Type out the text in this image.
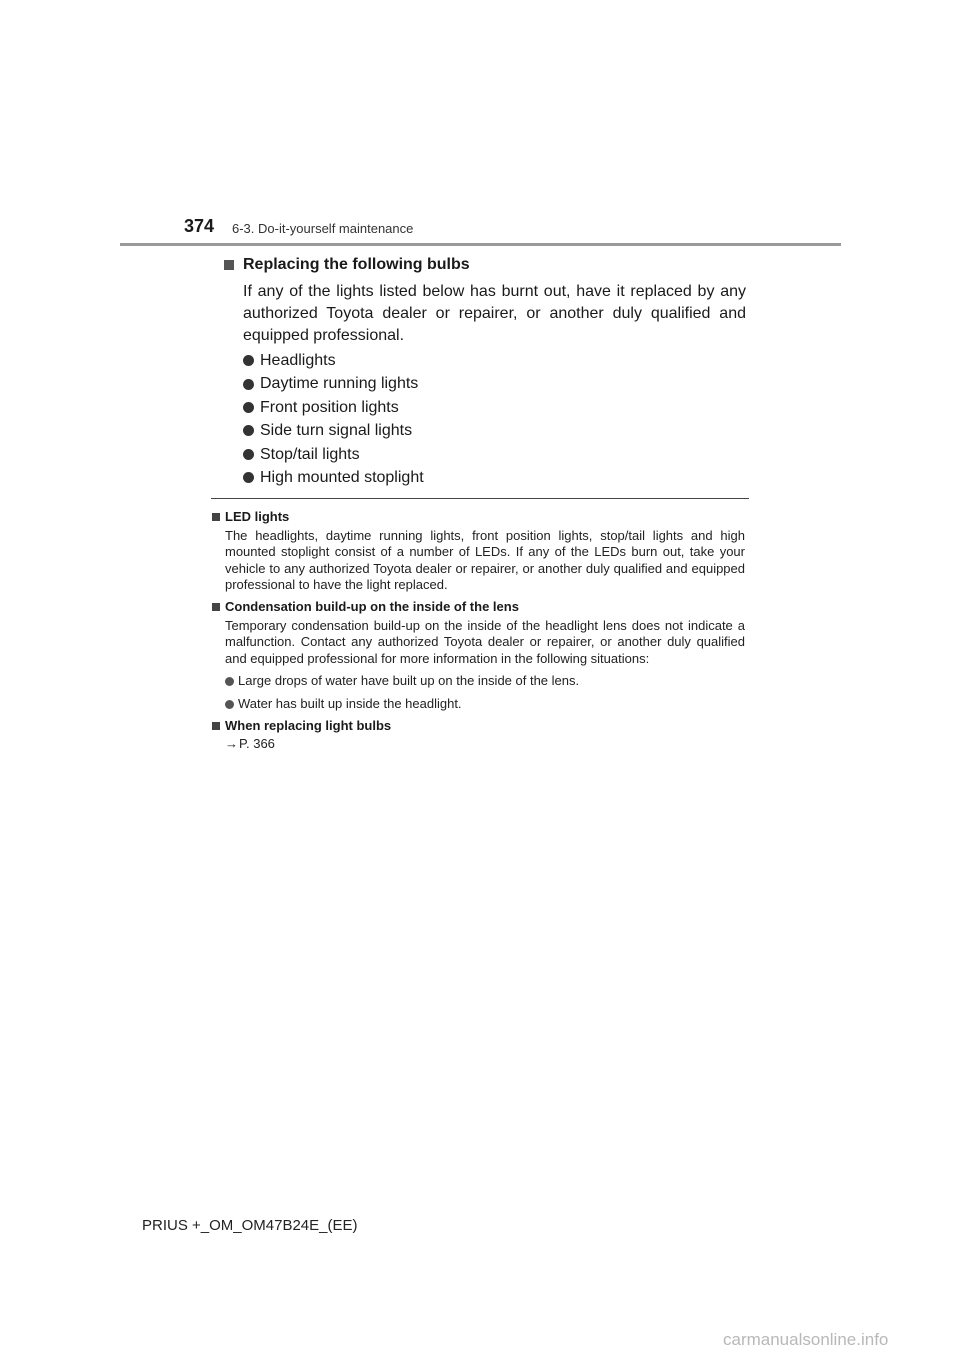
374 6-3. Do-it-yourself maintenance
Replacing the following bulbs

If any of the lights listed below has burnt out, have it replaced by any authorized Toyota dealer or repairer, or another duly qualified and equipped professional.

Headlights
Daytime running lights
Front position lights
Side turn signal lights
Stop/tail lights
High mounted stoplight
LED lights

The headlights, daytime running lights, front position lights, stop/tail lights and high mounted stoplight consist of a number of LEDs. If any of the LEDs burn out, take your vehicle to any authorized Toyota dealer or repairer, or another duly qualified and equipped professional to have the light replaced.

Condensation build-up on the inside of the lens

Temporary condensation build-up on the inside of the headlight lens does not indicate a malfunction. Contact any authorized Toyota dealer or repairer, or another duly qualified and equipped professional for more information in the following situations:

Large drops of water have built up on the inside of the lens.
Water has built up inside the headlight.
When replacing light bulbs

→P. 366

PRIUS +_OM_OM47B24E_(EE)
carmanualsonline.info
